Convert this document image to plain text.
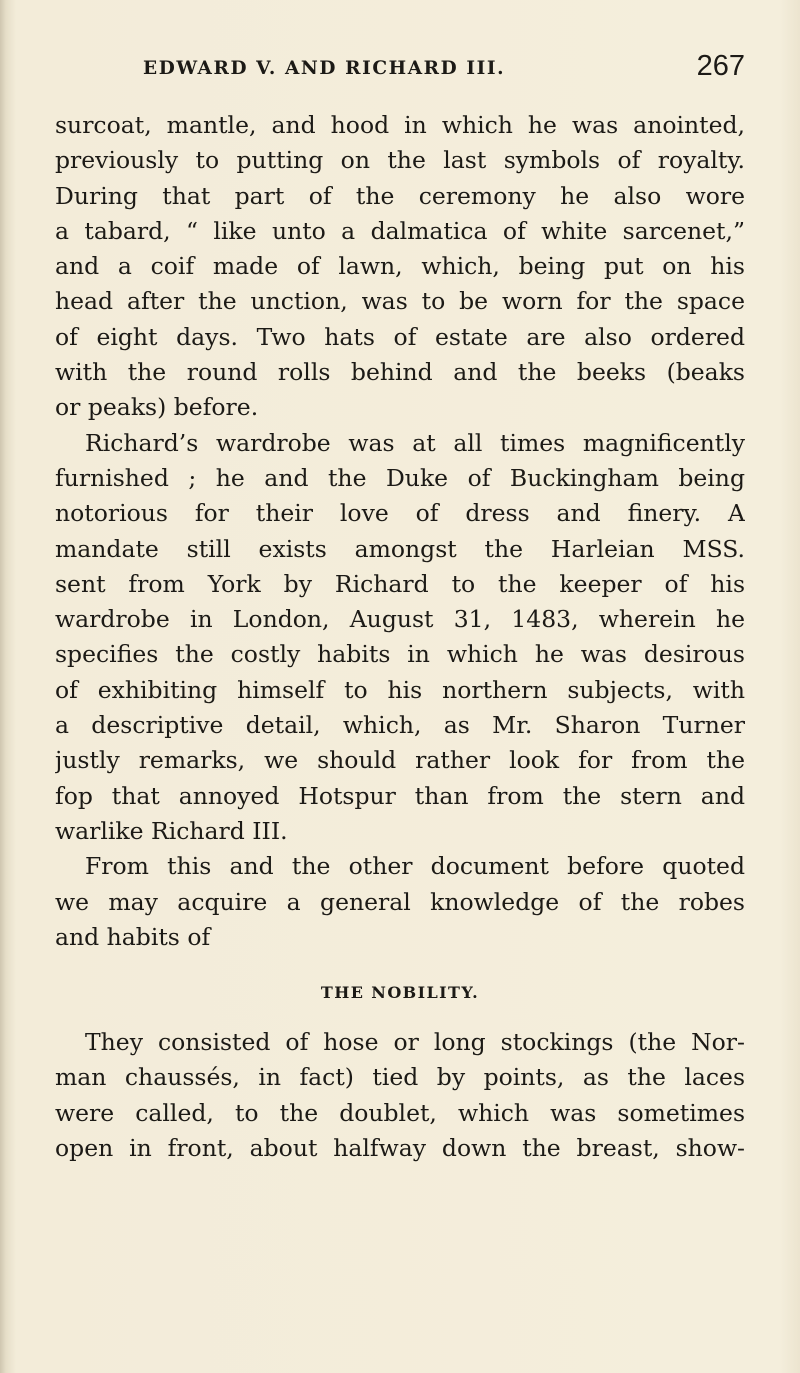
EDWARD V. AND RICHARD III.	267
surcoat, mantle, and hood in which he was anointed,
previously to putting on the last symbols of royalty.
During that part of the ceremony he also wore
a tabard, “ like unto a dalmatica of white sarcenet,”
and a coif made of lawn, which, being put on his
head after the unction, was to be worn for the space
of eight days. Two hats of estate are also ordered
with the round rolls behind and the beeks (beaks
or peaks) before.
Richard’s wardrobe was at all times magnificently
furnished ; he and the Duke of Buckingham being
notorious for their love of dress and finery. A
mandate still exists amongst the Harleian MSS.
sent from York by Richard to the keeper of his
wardrobe in London, August 31, 1483, wherein he
specifies the costly habits in which he was desirous
of exhibiting himself to his northern subjects, with
a descriptive detail, which, as Mr. Sharon Turner
justly remarks, we should rather look for from the
fop that annoyed Hotspur than from the stern and
warlike Richard III.
From this and the other document before quoted
we may acquire a general knowledge of the robes
and habits of
THE NOBILITY.
They consisted of hose or long stockings (the Nor-
man chaussés, in fact) tied by points, as the laces
were called, to the doublet, which was sometimes
open in front, about halfway down the breast, show-
